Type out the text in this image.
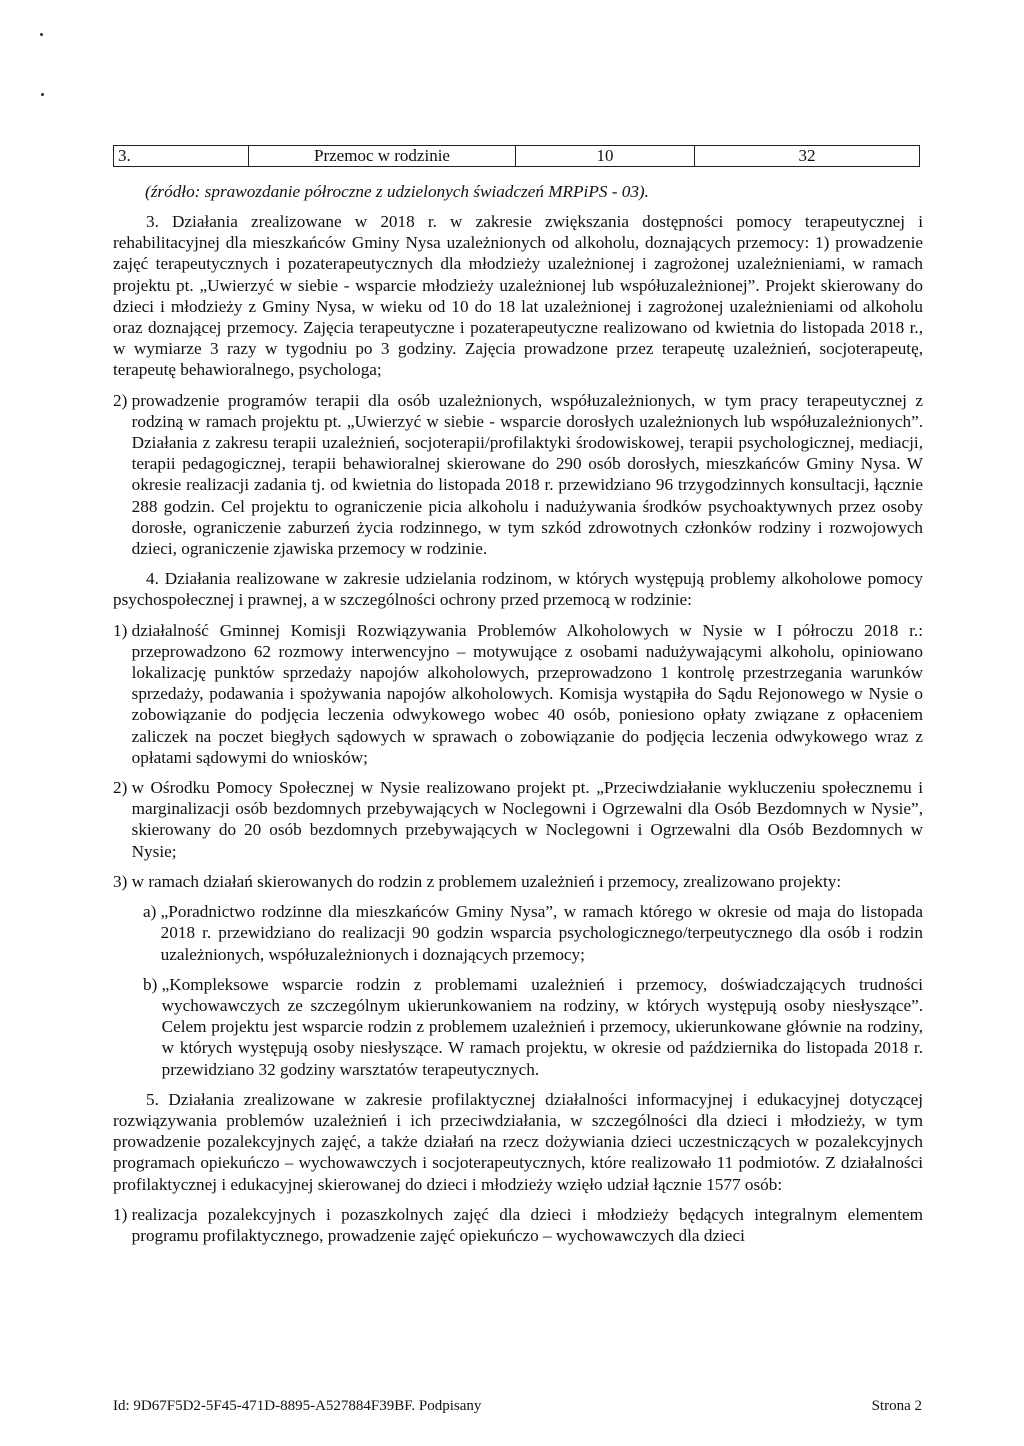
3.	Przemoc w rodzinie	10	32
(źródło: sprawozdanie półroczne z udzielonych świadczeń MRPiPS - 03).

3. Działania zrealizowane w 2018 r. w zakresie zwiększania dostępności pomocy terapeutycznej i rehabilitacyjnej dla mieszkańców Gminy Nysa uzależnionych od alkoholu, doznających przemocy: 1) prowadzenie zajęć terapeutycznych i pozaterapeutycznych dla młodzieży uzależnionej i zagrożonej uzależnieniami, w ramach projektu pt. „Uwierzyć w siebie - wsparcie młodzieży uzależnionej lub współuzależnionej”. Projekt skierowany do dzieci i młodzieży z Gminy Nysa, w wieku od 10 do 18 lat uzależnionej i zagrożonej uzależnieniami od alkoholu oraz doznającej przemocy. Zajęcia terapeutyczne i pozaterapeutyczne realizowano od kwietnia do listopada 2018 r., w wymiarze 3 razy w tygodniu po 3 godziny. Zajęcia prowadzone przez terapeutę uzależnień, socjoterapeutę, terapeutę behawioralnego, psychologa;

2) prowadzenie programów terapii dla osób uzależnionych, współuzależnionych, w tym pracy terapeutycznej z rodziną w ramach projektu pt. „Uwierzyć w siebie - wsparcie dorosłych uzależnionych lub współuzależnionych”. Działania z zakresu terapii uzależnień, socjoterapii/profilaktyki środowiskowej, terapii psychologicznej, mediacji, terapii pedagogicznej, terapii behawioralnej skierowane do 290 osób dorosłych, mieszkańców Gminy Nysa. W okresie realizacji zadania tj. od kwietnia do listopada 2018 r. przewidziano 96 trzygodzinnych konsultacji, łącznie 288 godzin. Cel projektu to ograniczenie picia alkoholu i nadużywania środków psychoaktywnych przez osoby dorosłe, ograniczenie zaburzeń życia rodzinnego, w tym szkód zdrowotnych członków rodziny i rozwojowych dzieci, ograniczenie zjawiska przemocy w rodzinie.

4. Działania realizowane w zakresie udzielania rodzinom, w których występują problemy alkoholowe pomocy psychospołecznej i prawnej, a w szczególności ochrony przed przemocą w rodzinie:

1) działalność Gminnej Komisji Rozwiązywania Problemów Alkoholowych w Nysie w I półroczu 2018 r.: przeprowadzono 62 rozmowy interwencyjno – motywujące z osobami nadużywającymi alkoholu, opiniowano lokalizację punktów sprzedaży napojów alkoholowych, przeprowadzono 1 kontrolę przestrzegania warunków sprzedaży, podawania i spożywania napojów alkoholowych. Komisja wystąpiła do Sądu Rejonowego w Nysie o zobowiązanie do podjęcia leczenia odwykowego wobec 40 osób, poniesiono opłaty związane z opłaceniem zaliczek na poczet biegłych sądowych w sprawach o zobowiązanie do podjęcia leczenia odwykowego wraz z opłatami sądowymi do wniosków;
2) w Ośrodku Pomocy Społecznej w Nysie realizowano projekt pt. „Przeciwdziałanie wykluczeniu społecznemu i marginalizacji osób bezdomnych przebywających w Noclegowni i Ogrzewalni dla Osób Bezdomnych w Nysie”, skierowany do 20 osób bezdomnych przebywających w Noclegowni i Ogrzewalni dla Osób Bezdomnych w Nysie;
3) w ramach działań skierowanych do rodzin z problemem uzależnień i przemocy, zrealizowano projekty:
a) „Poradnictwo rodzinne dla mieszkańców Gminy Nysa”, w ramach którego w okresie od maja do listopada 2018 r. przewidziano do realizacji 90 godzin wsparcia psychologicznego/terpeutycznego dla osób i rodzin uzależnionych, współuzależnionych i doznających przemocy;
b) „Kompleksowe wsparcie rodzin z problemami uzależnień i przemocy, doświadczających trudności wychowawczych ze szczególnym ukierunkowaniem na rodziny, w których występują osoby niesłyszące”. Celem projektu jest wsparcie rodzin z problemem uzależnień i przemocy, ukierunkowane głównie na rodziny, w których występują osoby niesłyszące. W ramach projektu, w okresie od października do listopada 2018 r. przewidziano 32 godziny warsztatów terapeutycznych.

5. Działania zrealizowane w zakresie profilaktycznej działalności informacyjnej i edukacyjnej dotyczącej rozwiązywania problemów uzależnień i ich przeciwdziałania, w szczególności dla dzieci i młodzieży, w tym prowadzenie pozalekcyjnych zajęć, a także działań na rzecz dożywiania dzieci uczestniczących w pozalekcyjnych programach opiekuńczo – wychowawczych i socjoterapeutycznych, które realizowało 11 podmiotów. Z działalności profilaktycznej i edukacyjnej skierowanej do dzieci i młodzieży wzięło udział łącznie 1577 osób:

1) realizacja pozalekcyjnych i pozaszkolnych zajęć dla dzieci i młodzieży będących integralnym elementem programu profilaktycznego, prowadzenie zajęć opiekuńczo – wychowawczych dla dzieci
Id: 9D67F5D2-5F45-471D-8895-A527884F39BF. Podpisany	Strona 2
